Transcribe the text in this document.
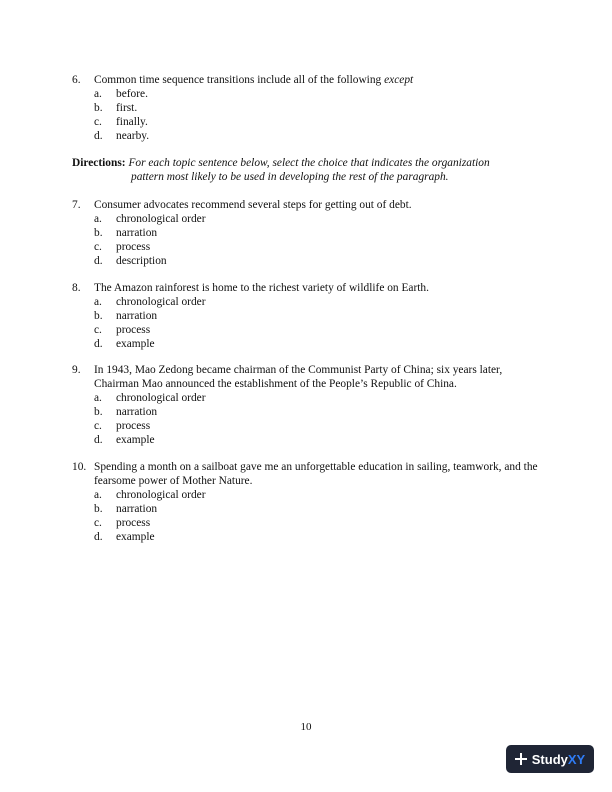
6.	Common time sequence transitions include all of the following except
a.	before.
b.	first.
c.	finally.
d.	nearby.
Directions: For each topic sentence below, select the choice that indicates the organization
pattern most likely to be used in developing the rest of the paragraph.
7.	Consumer advocates recommend several steps for getting out of debt.
a.	chronological order
b.	narration
c.	process
d.	description
8.	The Amazon rainforest is home to the richest variety of wildlife on Earth.
a.	chronological order
b.	narration
c.	process
d.	example
9.	In 1943, Mao Zedong became chairman of the Communist Party of China; six years later, Chairman Mao announced the establishment of the People’s Republic of China.
a.	chronological order
b.	narration
c.	process
d.	example
10. Spending a month on a sailboat gave me an unforgettable education in sailing, teamwork, and the fearsome power of Mother Nature.
a.	chronological order
b.	narration
c.	process
d.	example
10
StudyXY
